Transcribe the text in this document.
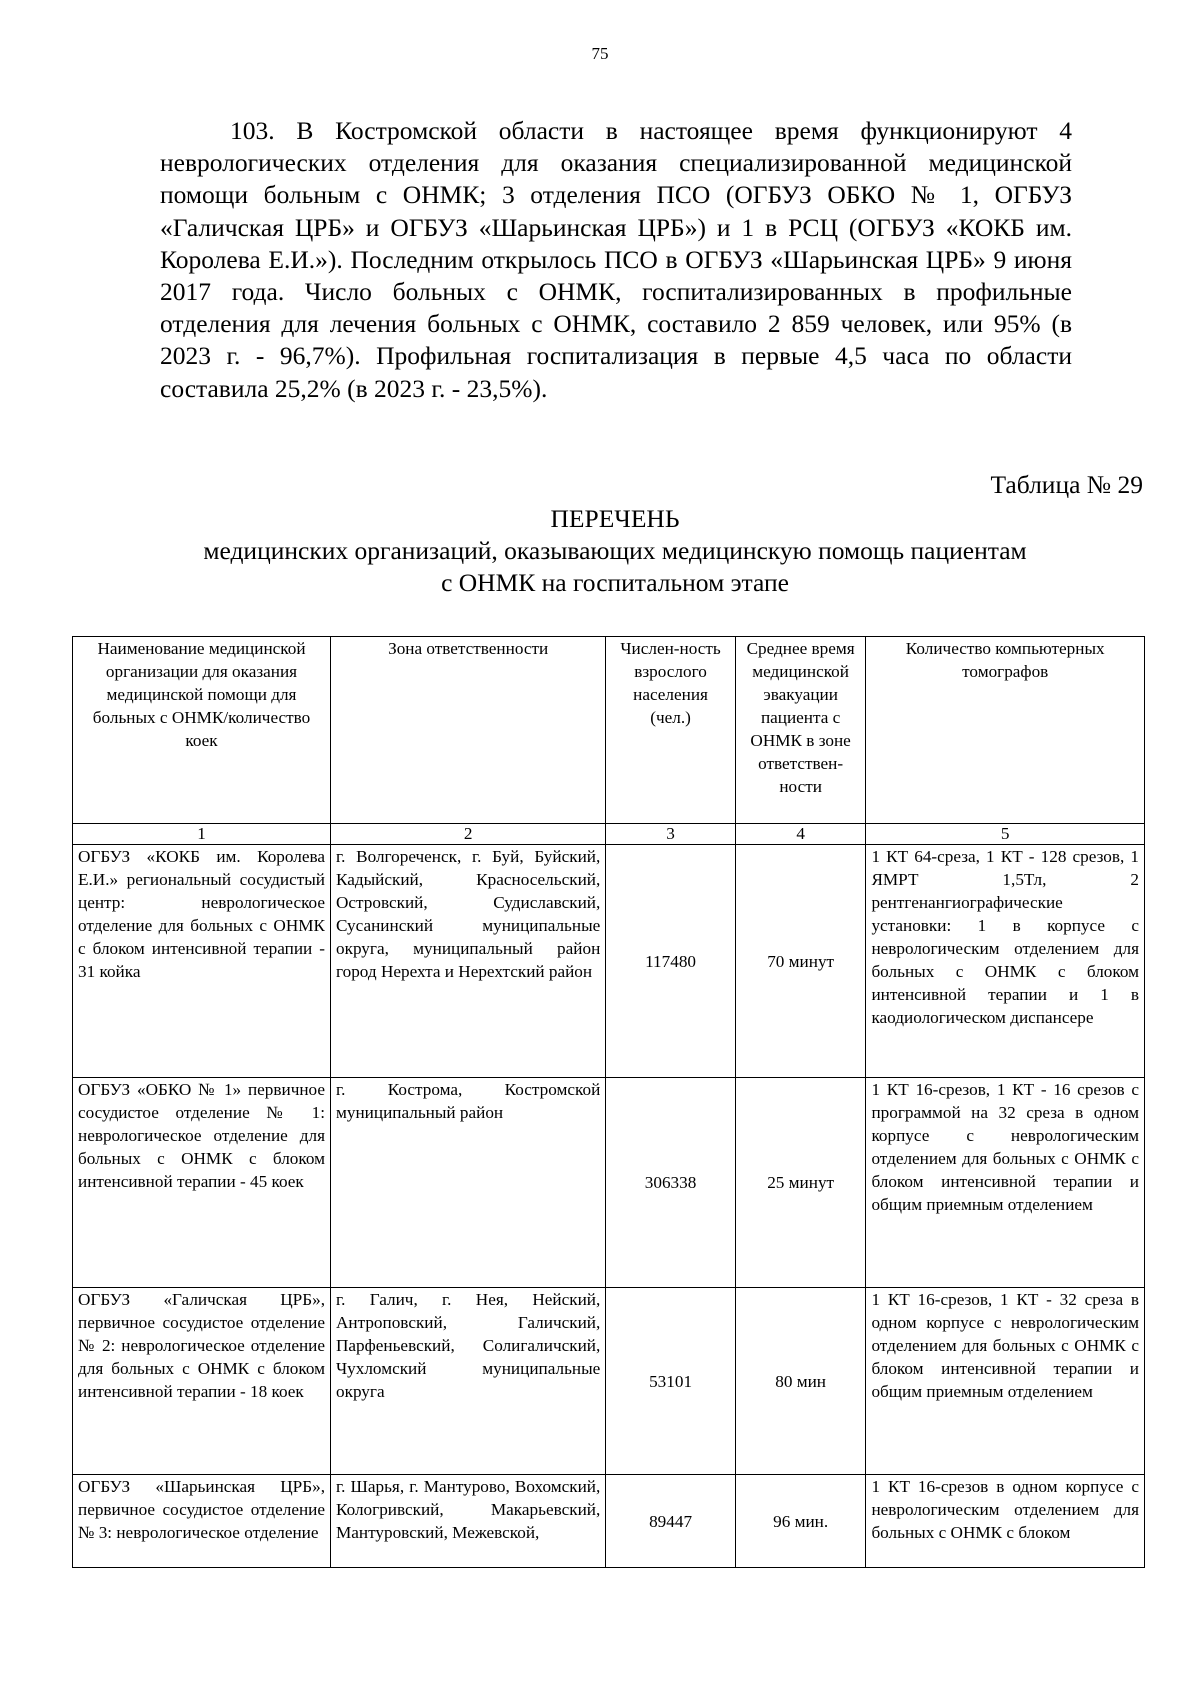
75
103. В Костромской области в настоящее время функционируют 4 неврологических отделения для оказания специализированной медицинской помощи больным с ОНМК; 3 отделения ПСО (ОГБУЗ ОБКО № 1, ОГБУЗ «Галичская ЦРБ» и ОГБУЗ «Шарьинская ЦРБ») и 1 в РСЦ (ОГБУЗ «КОКБ им. Королева Е.И.»). Последним открылось ПСО в ОГБУЗ «Шарьинская ЦРБ» 9 июня 2017 года. Число больных с ОНМК, госпитализированных в профильные отделения для лечения больных с ОНМК, составило 2 859 человек, или 95% (в 2023 г. - 96,7%). Профильная госпитализация в первые 4,5 часа по области составила 25,2% (в 2023 г. - 23,5%).
Таблица № 29
ПЕРЕЧЕНЬ
медицинских организаций, оказывающих медицинскую помощь пациентам
с ОНМК на госпитальном этапе
Наименование медицинской организации для оказания медицинской помощи для больных с ОНМК/количество коек	Зона ответственности	Числен-ность взрослого населения (чел.)	Среднее время медицинской эвакуации пациента с ОНМК в зоне ответствен-ности	Количество компьютерных томографов
1	2	3	4	5
ОГБУЗ «КОКБ им. Королева Е.И.» региональный сосудистый центр: неврологическое отделение для больных с ОНМК с блоком интенсивной терапии - 31 койка	г. Волгореченск, г. Буй, Буйский, Кадыйский, Красносельский, Островский, Судиславский, Сусанинский муниципальные округа, муниципальный район город Нерехта и Нерехтский район	117480	70 минут	1 КТ 64-среза, 1 КТ - 128 срезов, 1 ЯМРТ 1,5Тл, 2 рентгенангиографические установки: 1 в корпусе с неврологическим отделением для больных с ОНМК с блоком интенсивной терапии и 1 в каодиологическом диспансере
ОГБУЗ «ОБКО № 1» первичное сосудистое отделение № 1: неврологическое отделение для больных с ОНМК с блоком интенсивной терапии - 45 коек	г. Кострома, Костромской муниципальный район	306338	25 минут	1 КТ 16-срезов, 1 КТ - 16 срезов с программой на 32 среза в одном корпусе с неврологическим отделением для больных с ОНМК с блоком интенсивной терапии и общим приемным отделением
ОГБУЗ «Галичская ЦРБ», первичное сосудистое отделение № 2: неврологическое отделение для больных с ОНМК с блоком интенсивной терапии - 18 коек	г. Галич, г. Нея, Нейский, Антроповский, Галичский, Парфеньевский, Солигаличский, Чухломский муниципальные округа	53101	80 мин	1 КТ 16-срезов, 1 КТ - 32 среза в одном корпусе с неврологическим отделением для больных с ОНМК с блоком интенсивной терапии и общим приемным отделением
ОГБУЗ «Шарьинская ЦРБ», первичное сосудистое отделение № 3: неврологическое отделение	г. Шарья, г. Мантурово, Вохомский, Кологривский, Макарьевский, Мантуровский, Межевской,	89447	96 мин.	1 КТ 16-срезов в одном корпусе с неврологическим отделением для больных с ОНМК с блоком
